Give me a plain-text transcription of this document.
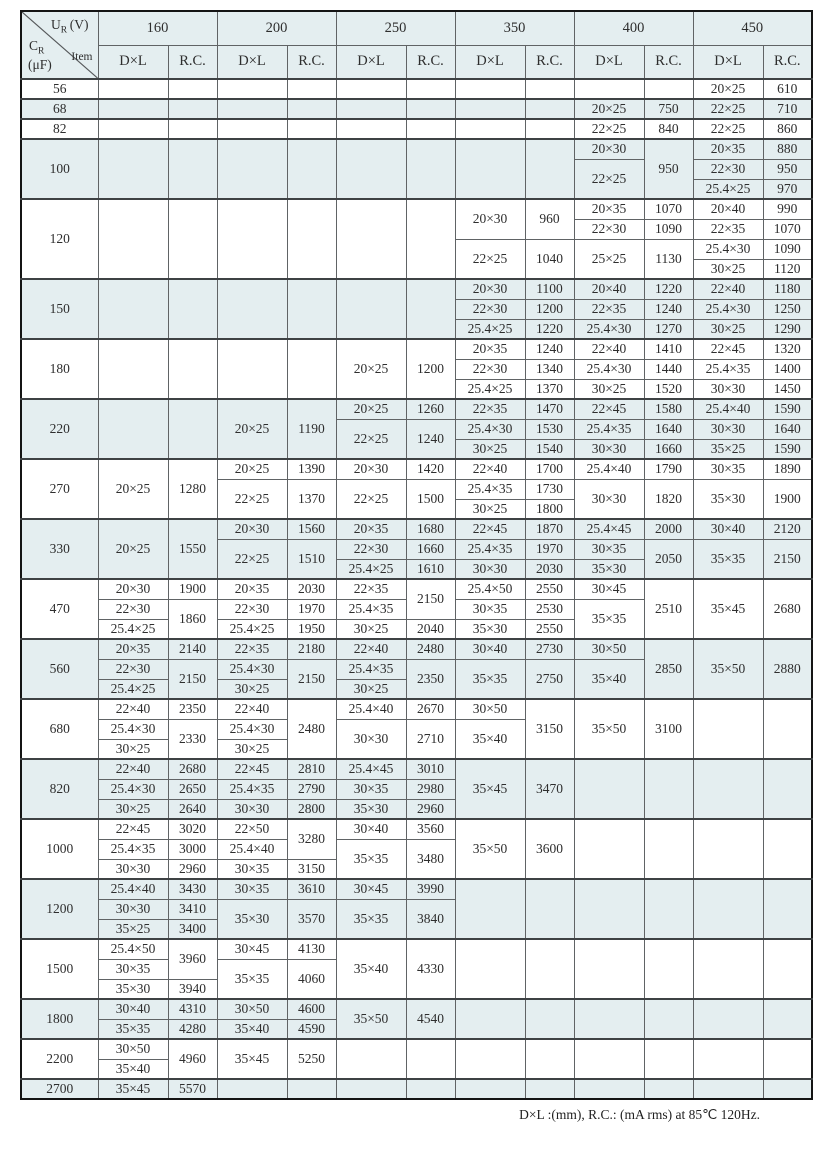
$U_R$  (V)
Item
$C_R$
(μF)	160		200		250		350		400		450	
	D×L	R.C.	D×L	R.C.	D×L	R.C.	D×L	R.C.	D×L	R.C.	D×L	R.C.
56											20×25	610
68									20×25	750	22×25	710
82									22×25	840	22×25	860
100									20×30	950	20×35	880
									22×25		22×30	950
											25.4×25	970
120							20×30	960	20×35	1070	20×40	990
									22×30	1090	22×35	1070
							22×25	1040	25×25	1130	25.4×30	1090
											30×25	1120
150							20×30	1100	20×40	1220	22×40	1180
							22×30	1200	22×35	1240	25.4×30	1250
							25.4×25	1220	25.4×30	1270	30×25	1290
180					20×25	1200	20×35	1240	22×40	1410	22×45	1320
							22×30	1340	25.4×30	1440	25.4×35	1400
							25.4×25	1370	30×25	1520	30×30	1450
220			20×25	1190	20×25	1260	22×35	1470	22×45	1580	25.4×40	1590
					22×25	1240	25.4×30	1530	25.4×35	1640	30×30	1640
							30×25	1540	30×30	1660	35×25	1590
270	20×25	1280	20×25	1390	20×30	1420	22×40	1700	25.4×40	1790	30×35	1890
			22×25	1370	22×25	1500	25.4×35	1730	30×30	1820	35×30	1900
							30×25	1800				
330	20×25	1550	20×30	1560	20×35	1680	22×45	1870	25.4×45	2000	30×40	2120
			22×25	1510	22×30	1660	25.4×35	1970	30×35	2050	35×35	2150
					25.4×25	1610	30×30	2030	35×30			
470	20×30	1900	20×35	2030	22×35	2150	25.4×50	2550	30×45	2510	35×45	2680
	22×30	1860	22×30	1970	25.4×35		30×35	2530	35×35			
	25.4×25		25.4×25	1950	30×25	2040	35×30	2550				
560	20×35	2140	22×35	2180	22×40	2480	30×40	2730	30×50	2850	35×50	2880
	22×30	2150	25.4×30	2150	25.4×35	2350	35×35	2750	35×40			
	25.4×25		30×25		30×25							
680	22×40	2350	22×40	2480	25.4×40	2670	30×50	3150	35×50	3100		
	25.4×30	2330	25.4×30		30×30	2710	35×40					
	30×25		30×25									
820	22×40	2680	22×45	2810	25.4×45	3010	35×45	3470				
	25.4×30	2650	25.4×35	2790	30×35	2980						
	30×25	2640	30×30	2800	35×30	2960						
1000	22×45	3020	22×50	3280	30×40	3560	35×50	3600				
	25.4×35	3000	25.4×40		35×35	3480						
	30×30	2960	30×35	3150								
1200	25.4×40	3430	30×35	3610	30×45	3990						
	30×30	3410	35×30	3570	35×35	3840						
	35×25	3400										
1500	25.4×50	3960	30×45	4130	35×40	4330						
	30×35		35×35	4060								
	35×30	3940										
1800	30×40	4310	30×50	4600	35×50	4540						
	35×35	4280	35×40	4590								
2200	30×50	4960	35×45	5250								
	35×40											
2700	35×45	5570										
D×L :(mm), R.C.: (mA rms) at 85℃ 120Hz.
